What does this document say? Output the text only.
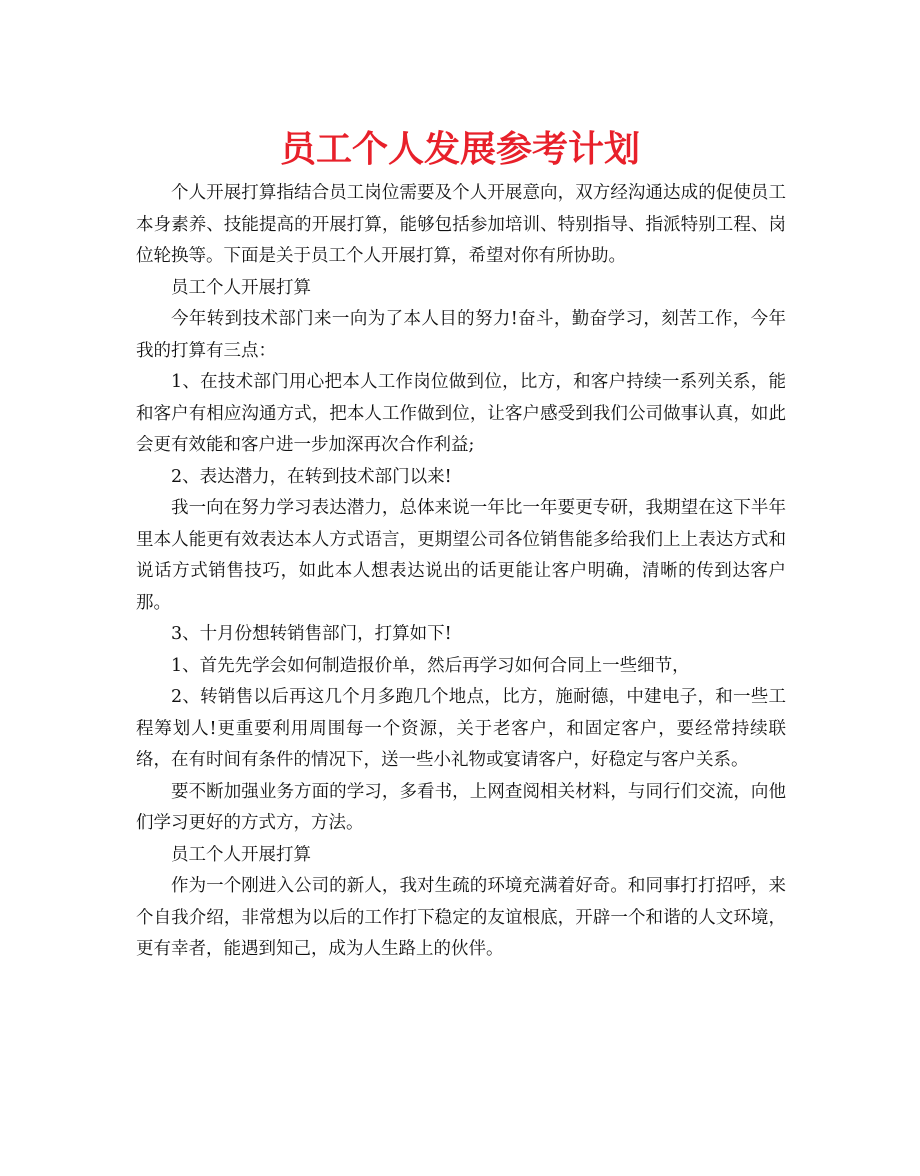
员工个人发展参考计划

个人开展打算指结合员工岗位需要及个人开展意向，双方经沟通达成的促使员工本身素养、技能提高的开展打算，能够包括参加培训、特别指导、指派特别工程、岗位轮换等。下面是关于员工个人开展打算，希望对你有所协助。

员工个人开展打算

今年转到技术部门来一向为了本人目的努力!奋斗，勤奋学习，刻苦工作，今年我的打算有三点：

1、在技术部门用心把本人工作岗位做到位，比方，和客户持续一系列关系，能和客户有相应沟通方式，把本人工作做到位，让客户感受到我们公司做事认真，如此会更有效能和客户进一步加深再次合作利益;

2、表达潜力，在转到技术部门以来!

我一向在努力学习表达潜力，总体来说一年比一年要更专研，我期望在这下半年里本人能更有效表达本人方式语言，更期望公司各位销售能多给我们上上表达方式和说话方式销售技巧，如此本人想表达说出的话更能让客户明确，清晰的传到达客户那。

3、十月份想转销售部门，打算如下!

1、首先先学会如何制造报价单，然后再学习如何合同上一些细节，

2、转销售以后再这几个月多跑几个地点，比方，施耐德，中建电子，和一些工程筹划人!更重要利用周围每一个资源，关于老客户，和固定客户，要经常持续联络，在有时间有条件的情况下，送一些小礼物或宴请客户，好稳定与客户关系。

要不断加强业务方面的学习，多看书，上网查阅相关材料，与同行们交流，向他们学习更好的方式方，方法。

员工个人开展打算

作为一个刚进入公司的新人，我对生疏的环境充满着好奇。和同事打打招呼，来个自我介绍，非常想为以后的工作打下稳定的友谊根底，开辟一个和谐的人文环境，更有幸者，能遇到知己，成为人生路上的伙伴。
